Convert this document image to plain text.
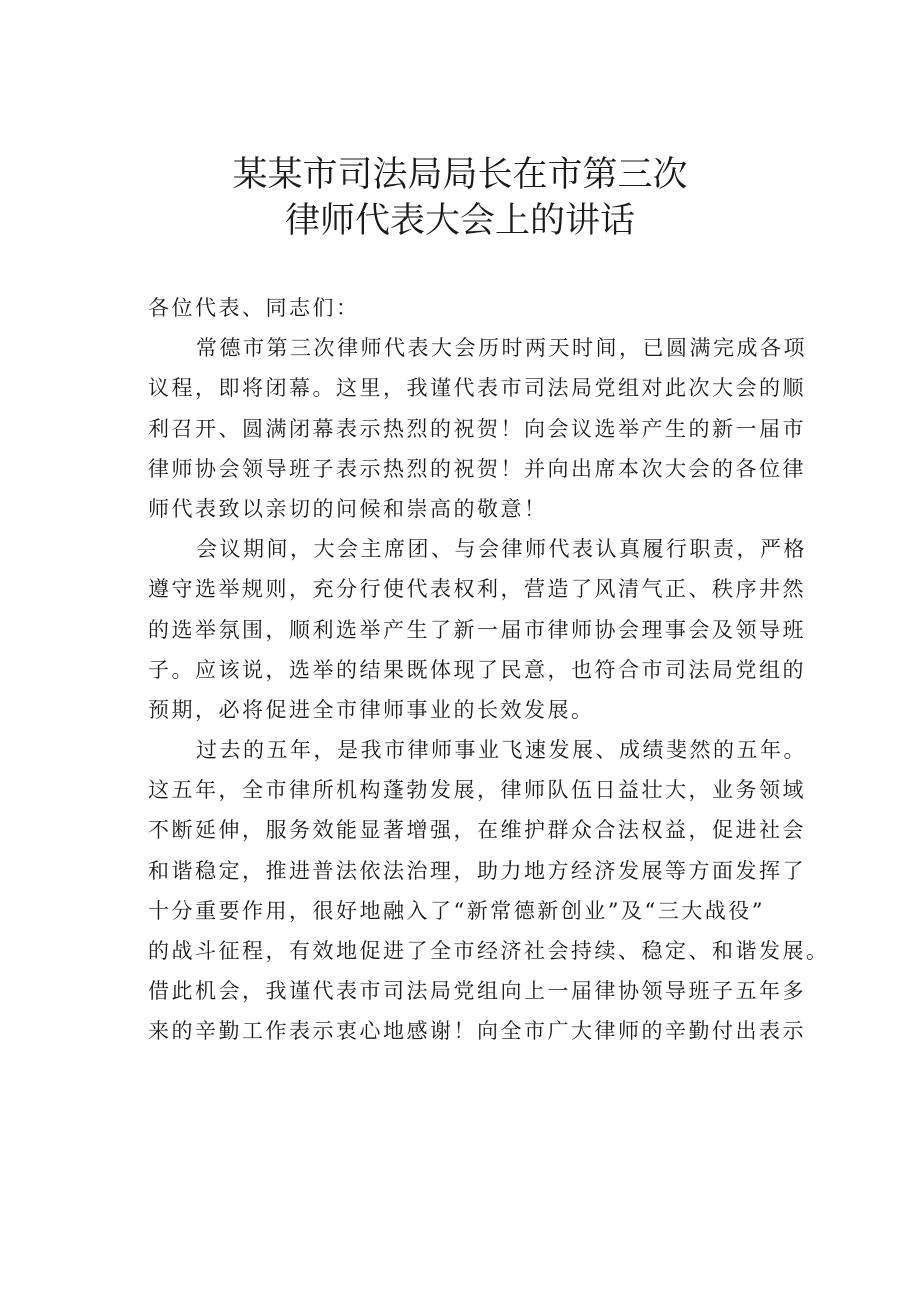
某某市司法局局长在市第三次
律师代表大会上的讲话
各位代表、同志们：
常德市第三次律师代表大会历时两天时间，已圆满完成各项
议程，即将闭幕。这里，我谨代表市司法局党组对此次大会的顺
利召开、圆满闭幕表示热烈的祝贺！向会议选举产生的新一届市
律师协会领导班子表示热烈的祝贺！并向出席本次大会的各位律
师代表致以亲切的问候和崇高的敬意！
会议期间，大会主席团、与会律师代表认真履行职责，严格
遵守选举规则，充分行使代表权利，营造了风清气正、秩序井然
的选举氛围，顺利选举产生了新一届市律师协会理事会及领导班
子。应该说，选举的结果既体现了民意，也符合市司法局党组的
预期，必将促进全市律师事业的长效发展。
过去的五年，是我市律师事业飞速发展、成绩斐然的五年。
这五年，全市律所机构蓬勃发展，律师队伍日益壮大，业务领域
不断延伸，服务效能显著增强，在维护群众合法权益，促进社会
和谐稳定，推进普法依法治理，助力地方经济发展等方面发挥了
十分重要作用，很好地融入了“新常德新创业”及“三大战役”
的战斗征程，有效地促进了全市经济社会持续、稳定、和谐发展。
借此机会，我谨代表市司法局党组向上一届律协领导班子五年多
来的辛勤工作表示衷心地感谢！向全市广大律师的辛勤付出表示
